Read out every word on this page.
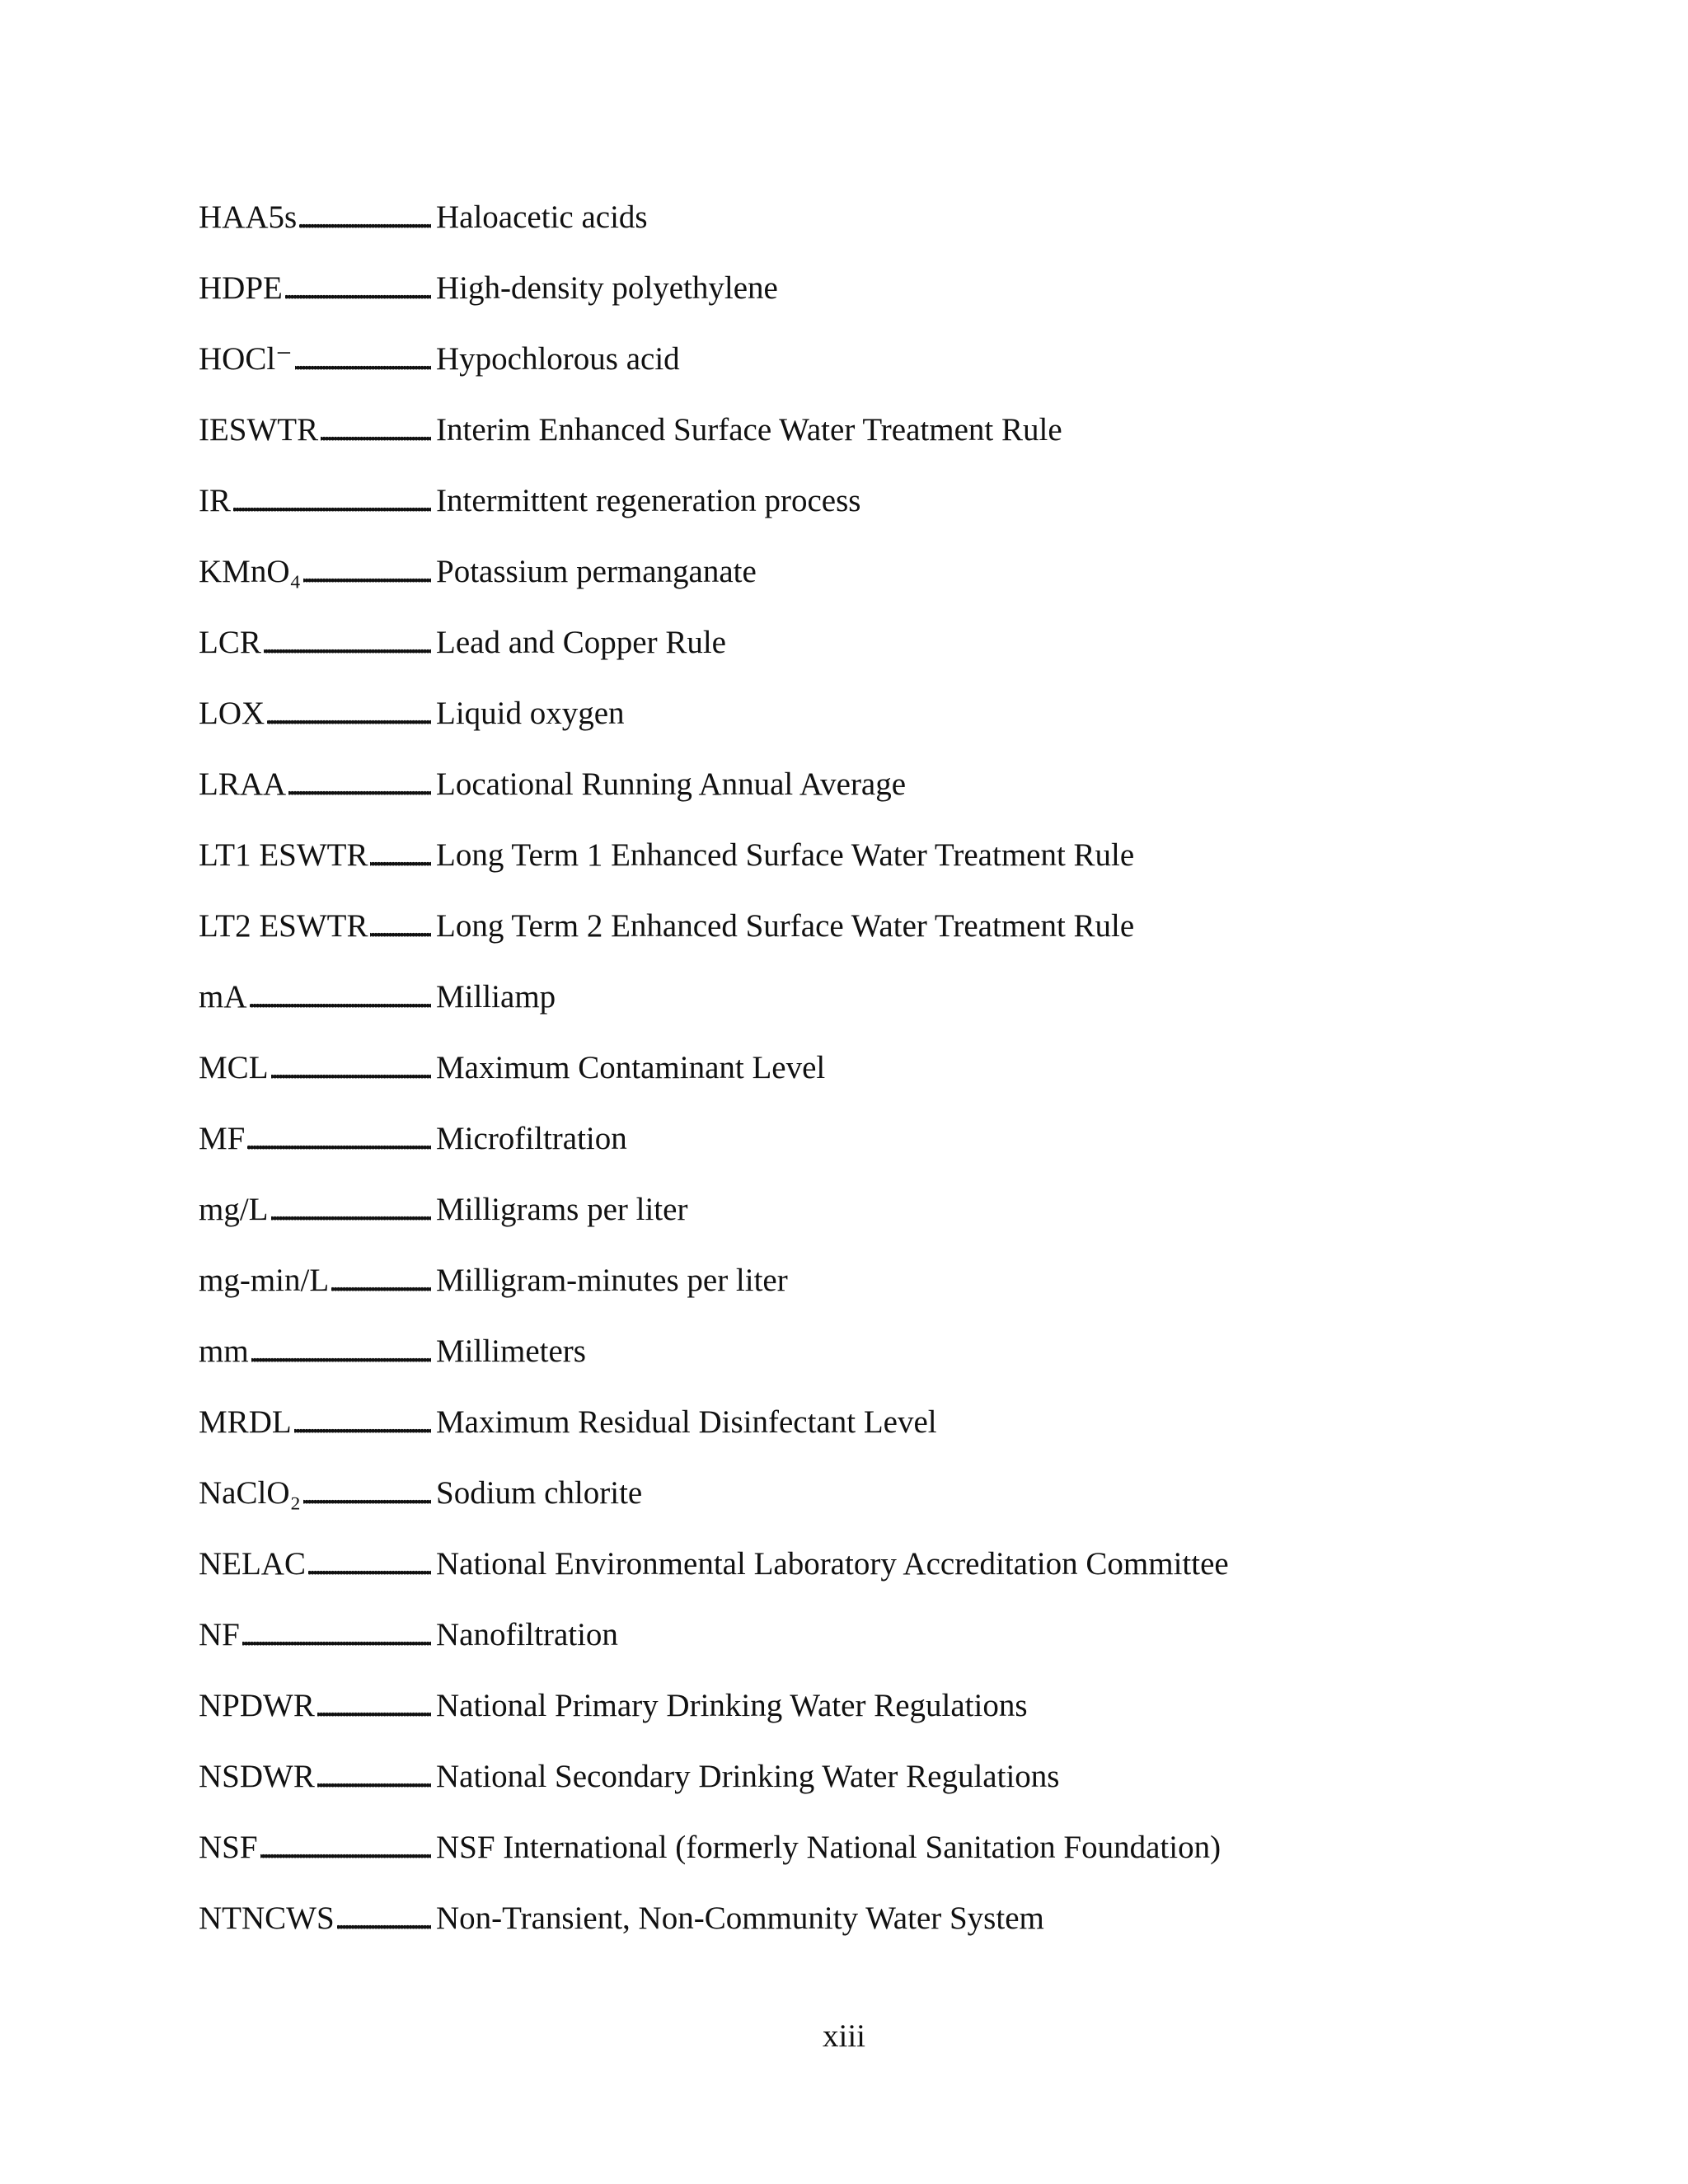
HAA5s . . .	Haloacetic acids
HDPE . . .	High-density polyethylene
HOCl⁻ . . .	Hypochlorous acid
IESWTR . . .	Interim Enhanced Surface Water Treatment Rule
IR . . .	Intermittent regeneration process
KMnO₄ . . .	Potassium permanganate
LCR . . .	Lead and Copper Rule
LOX . . .	Liquid oxygen
LRAA . . .	Locational Running Annual Average
LT1 ESWTR . . .	Long Term 1 Enhanced Surface Water Treatment Rule
LT2 ESWTR . . .	Long Term 2 Enhanced Surface Water Treatment Rule
mA . . .	Milliamp
MCL . . .	Maximum Contaminant Level
MF . . .	Microfiltration
mg/L . . .	Milligrams per liter
mg-min/L . . .	Milligram-minutes per liter
mm . . .	Millimeters
MRDL . . .	Maximum Residual Disinfectant Level
NaClO₂ . . .	Sodium chlorite
NELAC . . .	National Environmental Laboratory Accreditation Committee
NF . . .	Nanofiltration
NPDWR . . .	National Primary Drinking Water Regulations
NSDWR . . .	National Secondary Drinking Water Regulations
NSF . . .	NSF International (formerly National Sanitation Foundation)
NTNCWS . . .	Non-Transient, Non-Community Water System
xiii
